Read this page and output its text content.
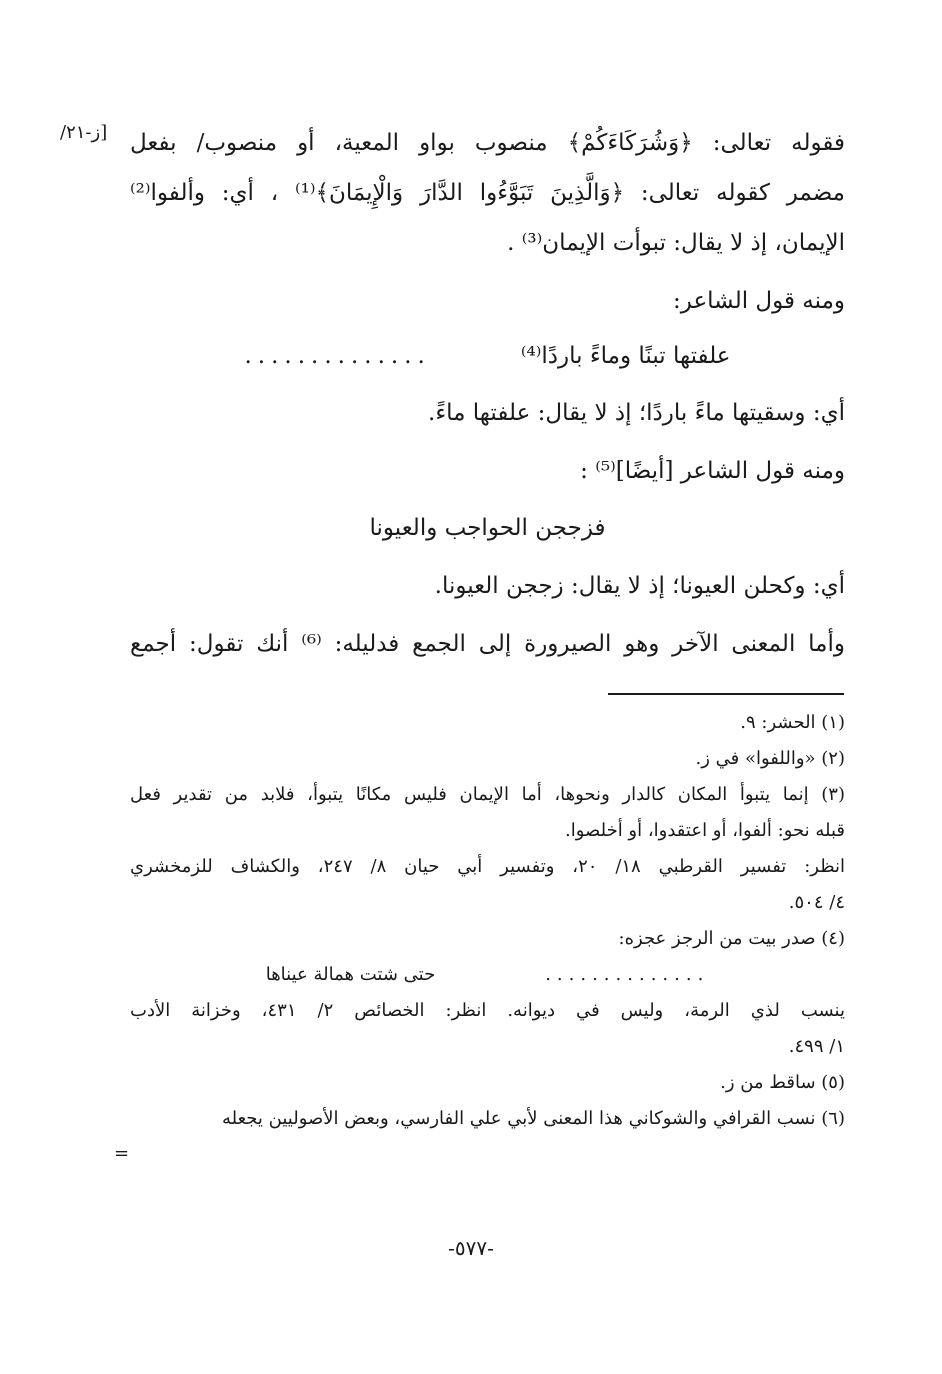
[ز-٢١/ فقوله تعالى: ﴿وَشُرَكَاءَكُمْ﴾ منصوب بواو المعية، أو منصوب/ بفعل
مضمر كقوله تعالى: ﴿وَالَّذِينَ تَبَوَّءُوا الدَّارَ وَالْإِيمَانَ﴾⁽¹⁾ ، أي: وألفوا⁽²⁾
الإيمان، إذ لا يقال: تبوأت الإيمان⁽³⁾ .
ومنه قول الشاعر:
علفتها تبنًا وماءً باردًا⁽⁴⁾
..............
أي: وسقيتها ماءً باردًا؛ إذ لا يقال: علفتها ماءً.
ومنه قول الشاعر [أيضًا]⁽⁵⁾ :
فزججن الحواجب والعيونا
أي: وكحلن العيونا؛ إذ لا يقال: زججن العيونا.
وأما المعنى الآخر وهو الصيرورة إلى الجمع فدليله: ⁽⁶⁾ أنك تقول: أجمع
(١) الحشر: ٩.
(٢) «واللفوا» في ز.
(٣) إنما يتبوأ المكان كالدار ونحوها، أما الإيمان فليس مكانًا يتبوأ، فلابد من تقدير فعل
قبله نحو: ألفوا، أو اعتقدوا، أو أخلصوا.
انظر: تفسير القرطبي ١٨/ ٢٠، وتفسير أبي حيان ٨/ ٢٤٧، والكشاف للزمخشري
٤/ ٥٠٤.
(٤) صدر بيت من الرجز عجزه:
..............
حتى شتت همالة عيناها
ينسب لذي الرمة، وليس في ديوانه. انظر: الخصائص ٢/ ٤٣١، وخزانة الأدب
١/ ٤٩٩.
(٥) ساقط من ز.
(٦) نسب القرافي والشوكاني هذا المعنى لأبي علي الفارسي، وبعض الأصوليين يجعله
=
-٥٧٧-
